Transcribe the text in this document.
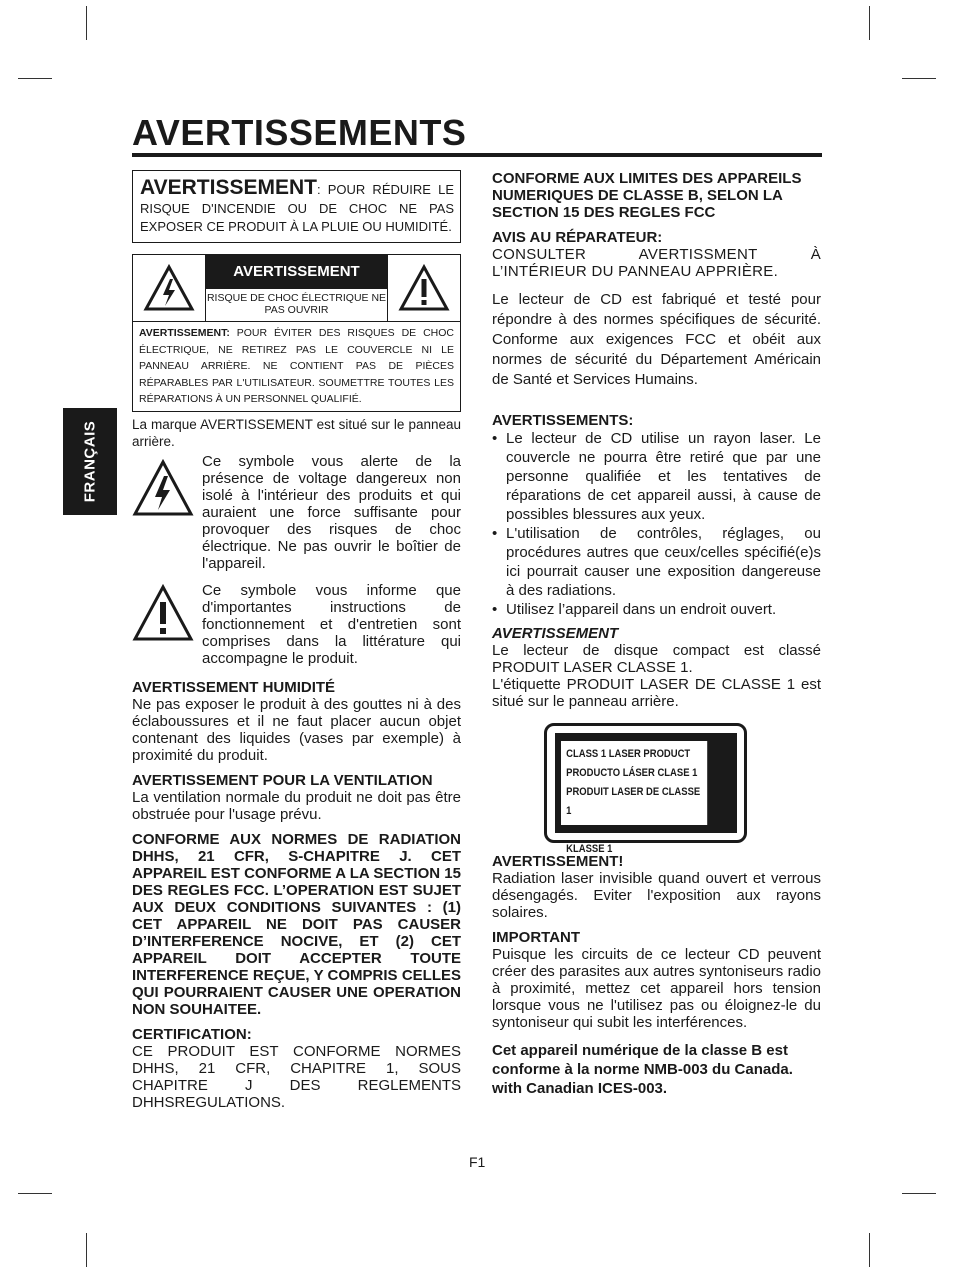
AVERTISSEMENTS
FRANÇAIS
AVERTISSEMENT: POUR RÉDUIRE LE RISQUE D'INCENDIE OU DE CHOC NE PAS EXPOSER CE PRODUIT À LA PLUIE OU HUMIDITÉ.
AVERTISSEMENT
RISQUE DE CHOC ÉLECTRIQUE NE PAS OUVRIR
AVERTISSEMENT: POUR ÉVITER DES RISQUES DE CHOC ÉLECTRIQUE, NE RETIREZ PAS LE COUVERCLE NI LE PANNEAU ARRIÈRE. NE CONTIENT PAS DE PIÈCES RÉPARABLES PAR L'UTILISATEUR. SOUMETTRE TOUTES LES RÉPARATIONS À UN PERSONNEL QUALIFIÉ.

La marque AVERTISSEMENT est situé sur le panneau arrière.

Ce symbole vous alerte de la présence de voltage dangereux non isolé à l'intérieur des produits et qui auraient une force suffisante pour provoquer des risques de choc électrique. Ne pas ouvrir le boîtier de l'appareil.
Ce symbole vous informe que d'importantes instructions de fonctionnement et d'entretien sont comprises dans la littérature qui accompagne le produit.

AVERTISSEMENT HUMIDITÉ

Ne pas exposer le produit à des gouttes ni à des éclaboussures et il ne faut placer aucun objet contenant des liquides (vases par exemple) à proximité du produit.

AVERTISSEMENT POUR LA VENTILATION

La ventilation normale du produit ne doit pas être obstruée pour l'usage prévu.

CONFORME AUX NORMES DE RADIATION DHHS, 21 CFR, S-CHAPITRE J. CET APPAREIL EST CONFORME A LA SECTION 15 DES REGLES FCC. L’OPERATION EST SUJET AUX DEUX CONDITIONS SUIVANTES : (1) CET APPAREIL NE DOIT PAS CAUSER D’INTERFERENCE NOCIVE, ET (2) CET APPAREIL DOIT ACCEPTER TOUTE INTERFERENCE REÇUE, Y COMPRIS CELLES QUI POURRAIENT CAUSER UNE OPERATION NON SOUHAITEE.

CERTIFICATION:

CE PRODUIT EST CONFORME NORMES DHHS, 21 CFR, CHAPITRE 1, SOUS CHAPITRE J DES REGLEMENTS DHHSREGULATIONS.

CONFORME AUX LIMITES DES APPAREILS NUMERIQUES DE CLASSE B, SELON LA SECTION 15 DES REGLES FCC

AVIS AU RÉPARATEUR:

CONSULTER AVERTISSMENT À L’INTÉRIEUR DU PANNEAU APPRIÈRE.

Le lecteur de CD est fabriqué et testé pour répondre à des normes spécifiques de sécurité. Conforme aux exigences FCC et obéit aux normes de sécurité du Département Américain de Santé et Services Humains.

AVERTISSEMENTS:

• Le lecteur de CD utilise un rayon laser. Le couvercle ne pourra être retiré que par une personne qualifiée et les tentatives de réparations de cet appareil aussi, à cause de possibles blessures aux yeux.
• L'utilisation de contrôles, réglages, ou procédures autres que ceux/celles spécifié(e)s ici pourrait causer une exposition dangereuse à des radiations.
• Utilisez l’appareil dans un endroit ouvert.

AVERTISSEMENT

Le lecteur de disque compact est classé PRODUIT LASER CLASSE 1.

L'étiquette PRODUIT LASER DE CLASSE 1 est situé sur le panneau arrière.

CLASS 1 LASER PRODUCT
PRODUCTO LÁSER CLASE 1
PRODUIT LASER DE CLASSE 1
LASER-PRODUKT DER KLASSE 1

AVERTISSEMENT!

Radiation laser invisible quand ouvert et verrous désengagés. Eviter l'exposition aux rayons solaires.

IMPORTANT

Puisque les circuits de ce lecteur CD peuvent créer des parasites aux autres syntoniseurs radio à proximité, mettez cet appareil hors tension lorsque vous ne l'utilisez pas ou éloignez-le du syntoniseur qui subit les interférences.

Cet appareil numérique de la classe B est conforme à la norme NMB-003 du Canada. with Canadian ICES-003.

F1
